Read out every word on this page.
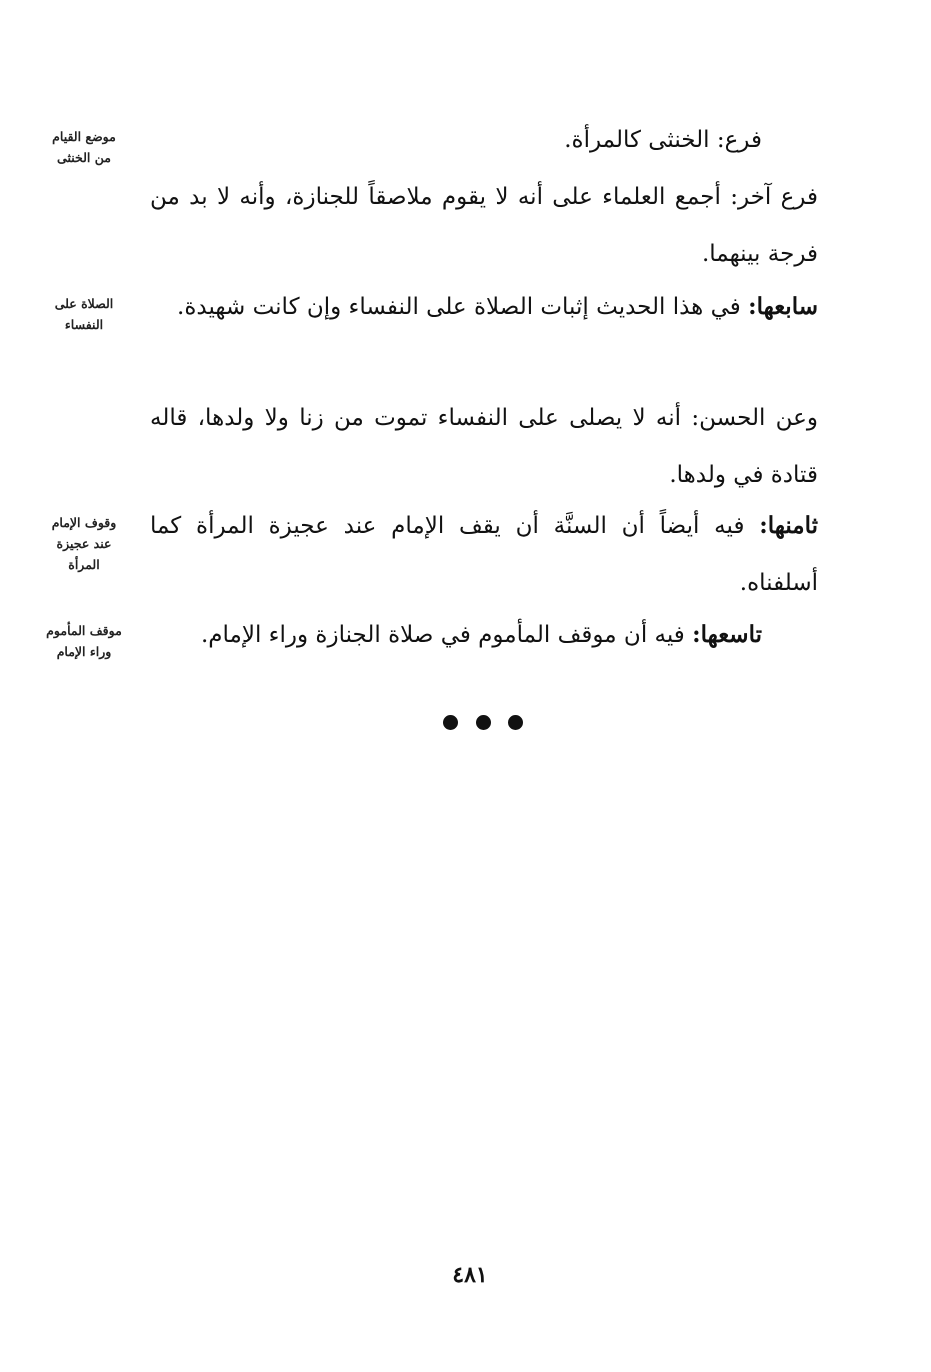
فرع: الخنثى كالمرأة.
فرع آخر: أجمع العلماء على أنه لا يقوم ملاصقاً للجنازة، وأنه لا بد من فرجة بينهما.
سابعها: في هذا الحديث إثبات الصلاة على النفساء وإن كانت شهيدة.
وعن الحسن: أنه لا يصلى على النفساء تموت من زنا ولا ولدها، قاله قتادة في ولدها.
ثامنها: فيه أيضاً أن السنَّة أن يقف الإمام عند عجيزة المرأة كما أسلفناه.
تاسعها: فيه أن موقف المأموم في صلاة الجنازة وراء الإمام.
موضع القيام
من الخنثى
الصلاة على
النفساء
وقوف الإمام
عند عجيزة
المرأة
موقف المأموم
وراء الإمام
٤٨١
